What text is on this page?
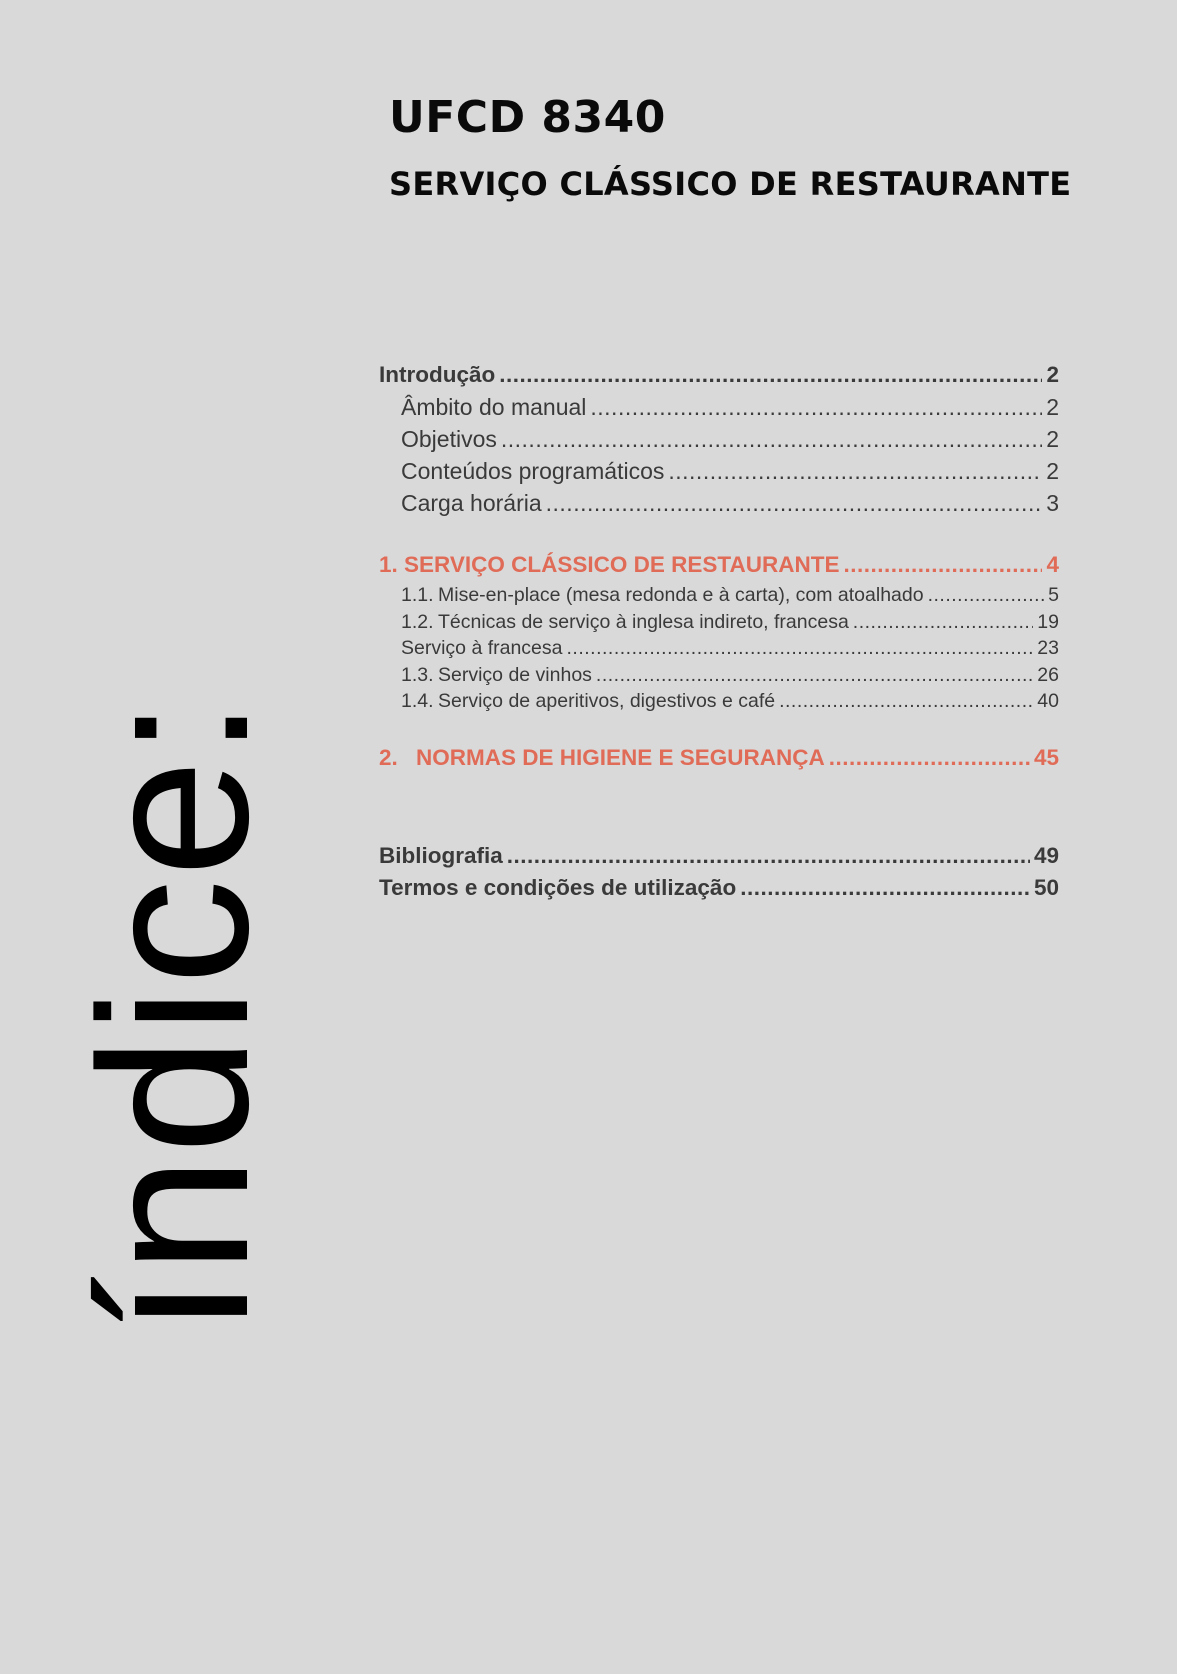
UFCD 8340
SERVIÇO CLÁSSICO DE RESTAURANTE
índice:
Introdução .....	2
Âmbito do manual .....	2
Objetivos .....	2
Conteúdos programáticos .....	2
Carga horária .....	3
1. SERVIÇO CLÁSSICO DE RESTAURANTE .....	4
1.1. Mise-en-place (mesa redonda e à carta), com atoalhado .....	5
1.2. Técnicas de serviço à inglesa indireto, francesa .....	19
Serviço à francesa .....	23
1.3. Serviço de vinhos .....	26
1.4. Serviço de aperitivos, digestivos e café .....	40
2. NORMAS DE HIGIENE E SEGURANÇA .....	45
Bibliografia .....	49
Termos e condições de utilização .....	50
